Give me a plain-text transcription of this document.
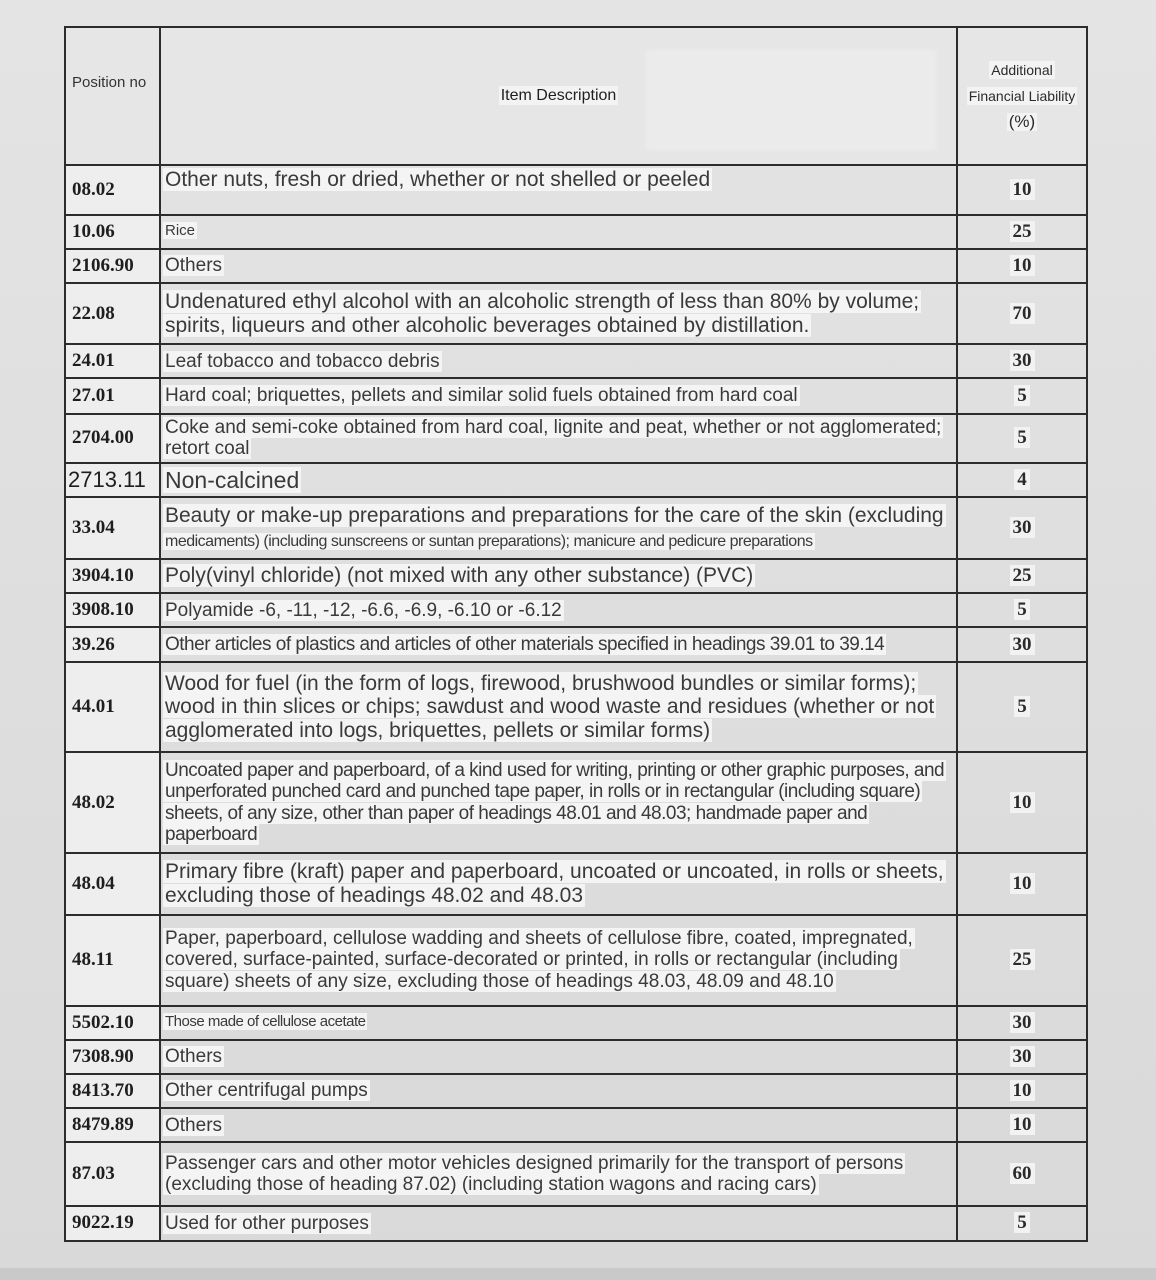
Position no	Item Description	Additional
Financial Liability
(%)
08.02	Other nuts, fresh or dried, whether or not shelled or peeled	10
10.06	Rice	25
2106.90	Others	10
22.08	Undenatured ethyl alcohol with an alcoholic strength of less than 80% by volume; spirits, liqueurs and other alcoholic beverages obtained by distillation.	70
24.01	Leaf tobacco and tobacco debris	30
27.01	Hard coal; briquettes, pellets and similar solid fuels obtained from hard coal	5
2704.00	Coke and semi-coke obtained from hard coal, lignite and peat, whether or not agglomerated; retort coal	5
2713.11	Non-calcined	4
33.04	Beauty or make-up preparations and preparations for the care of the skin (excluding
medicaments) (including sunscreens or suntan preparations); manicure and pedicure preparations	30
3904.10	Poly(vinyl chloride) (not mixed with any other substance) (PVC)	25
3908.10	Polyamide -6, -11, -12, -6.6, -6.9, -6.10 or -6.12	5
39.26	Other articles of plastics and articles of other materials specified in headings 39.01 to 39.14	30
44.01	Wood for fuel (in the form of logs, firewood, brushwood bundles or similar forms); wood in thin slices or chips; sawdust and wood waste and residues (whether or not agglomerated into logs, briquettes, pellets or similar forms)	5
48.02	Uncoated paper and paperboard, of a kind used for writing, printing or other graphic purposes, and unperforated punched card and punched tape paper, in rolls or in rectangular (including square) sheets, of any size, other than paper of headings 48.01 and 48.03; handmade paper and paperboard	10
48.04	Primary fibre (kraft) paper and paperboard, uncoated or uncoated, in rolls or sheets, excluding those of headings 48.02 and 48.03	10
48.11	Paper, paperboard, cellulose wadding and sheets of cellulose fibre, coated, impregnated, covered, surface-painted, surface-decorated or printed, in rolls or rectangular (including square) sheets of any size, excluding those of headings 48.03, 48.09 and 48.10	25
5502.10	Those made of cellulose acetate	30
7308.90	Others	30
8413.70	Other centrifugal pumps	10
8479.89	Others	10
87.03	Passenger cars and other motor vehicles designed primarily for the transport of persons (excluding those of heading 87.02) (including station wagons and racing cars)	60
9022.19	Used for other purposes	5
